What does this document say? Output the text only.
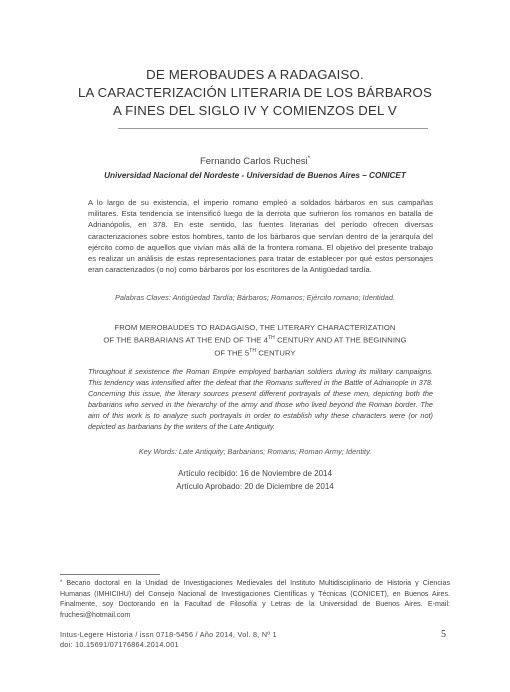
DE MEROBAUDES A RADAGAISO.
LA CARACTERIZACIÓN LITERARIA DE LOS BÁRBAROS
A FINES DEL SIGLO IV Y COMIENZOS DEL V
Fernando Carlos Ruchesi*
Universidad Nacional del Nordeste - Universidad de Buenos Aires – CONICET
A lo largo de su existencia, el imperio romano empleó a soldados bárbaros en sus campañas militares. Esta tendencia se intensificó luego de la derrota que sufrieron los romanos en batalla de Adrianópolis, en 378. En este sentido, las fuentes literarias del período ofrecen diversas caracterizaciones sobre estos hombres, tanto de los bárbaros que servían dentro de la jerarquía del ejército como de aquellos que vivían más allá de la frontera romana. El objetivo del presente trabajo es realizar un análisis de estas representaciones para tratar de establecer por qué estos personajes eran caracterizados (o no) como bárbaros por los escritores de la Antigüedad tardía.
Palabras Claves: Antigüedad Tardía; Bárbaros; Romanos; Ejército romano; Identidad.
FROM MEROBAUDES TO RADAGAISO, THE LITERARY CHARACTERIZATION
OF THE BARBARIANS AT THE END OF THE 4TH CENTURY AND AT THE BEGINNING
OF THE 5TH CENTURY
Throughout it sexistence the Roman Empire employed barbarian soldiers during its military campaigns. This tendency was intensified after the defeat that the Romans suffered in the Battle of Adrianople in 378. Concerning this issue, the literary sources present different portrayals of these men, depicting both the barbarians who served in the hierarchy of the army and those who lived beyond the Roman border. The aim of this work is to analyze such portrayals in order to establish why these characters were (or not) depicted as barbarians by the writers of the Late Antiquity.
Key Words: Late Antiquity; Barbarians; Romans; Roman Army; Identity.
Artículo recibido: 16 de Noviembre de 2014
Artículo Aprobado: 20 de Diciembre de 2014
* Becario doctoral en la Unidad de Investigaciones Medievales del Instituto Multidisciplinario de Historia y Ciencias Humanas (IMHICIHU) del Consejo Nacional de Investigaciones Científicas y Técnicas (CONICET), en Buenos Aires. Finalmente, soy Doctorando en la Facultad de Filosofía y Letras de la Universidad de Buenos Aires. E-mail: fruchesi@hotmail.com
Intus-Legere Historia / issn 0718-5456 / Año 2014, Vol. 8, Nº 1
doi: 10.15691/07176864.2014.001
5
